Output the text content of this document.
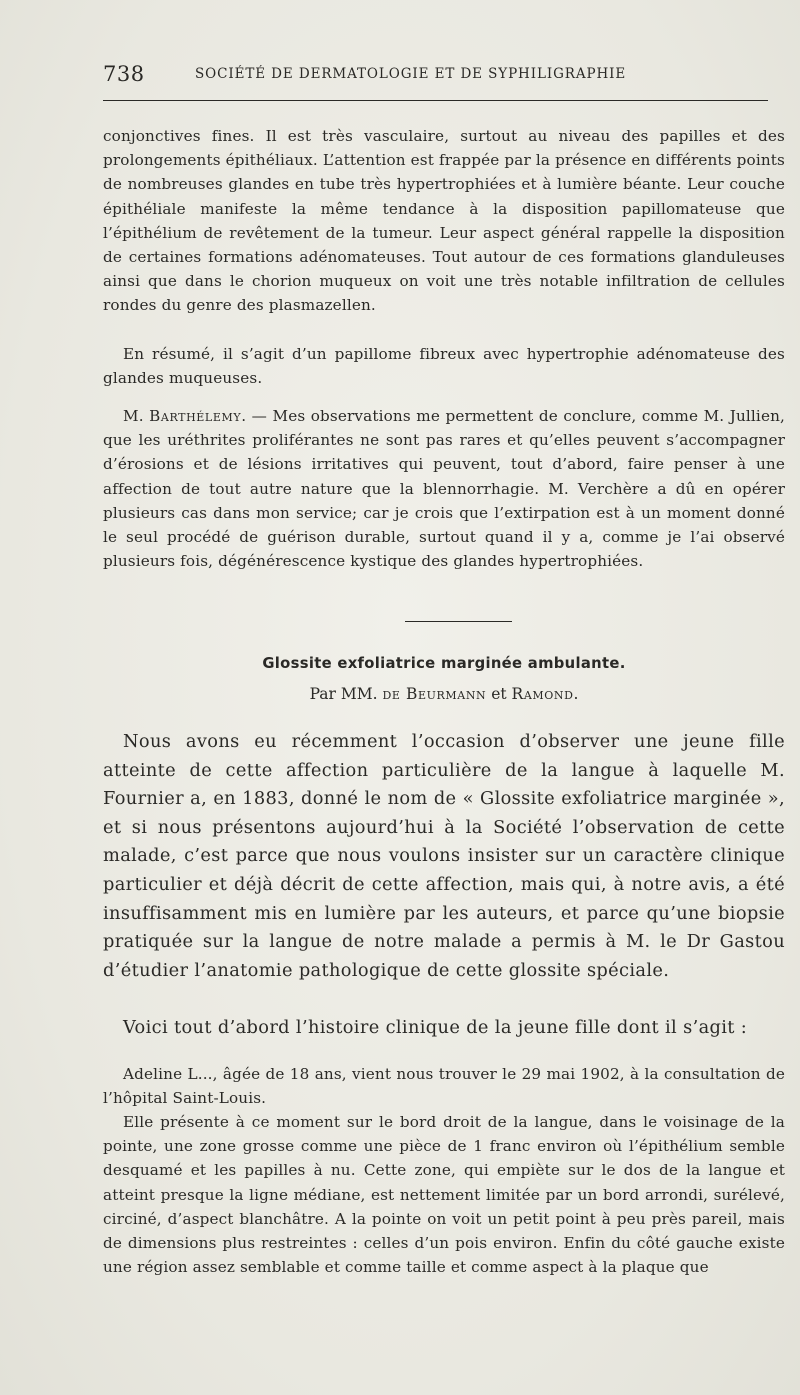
738	SOCIÉTÉ DE DERMATOLOGIE ET DE SYPHILIGRAPHIE

conjonctives fines. Il est très vasculaire, surtout au niveau des papilles et des prolongements épithéliaux. L’attention est frappée par la présence en différents points de nombreuses glandes en tube très hypertrophiées et à lumière béante. Leur couche épithéliale manifeste la même tendance à la disposition papillomateuse que l’épithélium de revêtement de la tumeur. Leur aspect général rappelle la disposition de certaines formations adénomateuses. Tout autour de ces formations glanduleuses ainsi que dans le chorion muqueux on voit une très notable infiltration de cellules rondes du genre des plasmazellen.

En résumé, il s’agit d’un papillome fibreux avec hypertrophie adénomateuse des glandes muqueuses.

M. Barthélemy. — Mes observations me permettent de conclure, comme M. Jullien, que les uréthrites proliférantes ne sont pas rares et qu’elles peuvent s’accompagner d’érosions et de lésions irritatives qui peuvent, tout d’abord, faire penser à une affection de tout autre nature que la blennorrhagie. M. Verchère a dû en opérer plusieurs cas dans mon service; car je crois que l’extirpation est à un moment donné le seul procédé de guérison durable, surtout quand il y a, comme je l’ai observé plusieurs fois, dégénérescence kystique des glandes hypertrophiées.

Glossite exfoliatrice marginée ambulante.

Par MM. de Beurmann et Ramond.

Nous avons eu récemment l’occasion d’observer une jeune fille atteinte de cette affection particulière de la langue à laquelle M. Fournier a, en 1883, donné le nom de « Glossite exfoliatrice marginée », et si nous présentons aujourd’hui à la Société l’observation de cette malade, c’est parce que nous voulons insister sur un caractère clinique particulier et déjà décrit de cette affection, mais qui, à notre avis, a été insuffisamment mis en lumière par les auteurs, et parce qu’une biopsie pratiquée sur la langue de notre malade a permis à M. le Dr Gastou d’étudier l’anatomie pathologique de cette glossite spéciale.

Voici tout d’abord l’histoire clinique de la jeune fille dont il s’agit :

Adeline L..., âgée de 18 ans, vient nous trouver le 29 mai 1902, à la consultation de l’hôpital Saint-Louis.

Elle présente à ce moment sur le bord droit de la langue, dans le voisinage de la pointe, une zone grosse comme une pièce de 1 franc environ où l’épithélium semble desquamé et les papilles à nu. Cette zone, qui empiète sur le dos de la langue et atteint presque la ligne médiane, est nettement limitée par un bord arrondi, surélevé, circiné, d’aspect blanchâtre. A la pointe on voit un petit point à peu près pareil, mais de dimensions plus restreintes : celles d’un pois environ. Enfin du côté gauche existe une région assez semblable et comme taille et comme aspect à la plaque que
